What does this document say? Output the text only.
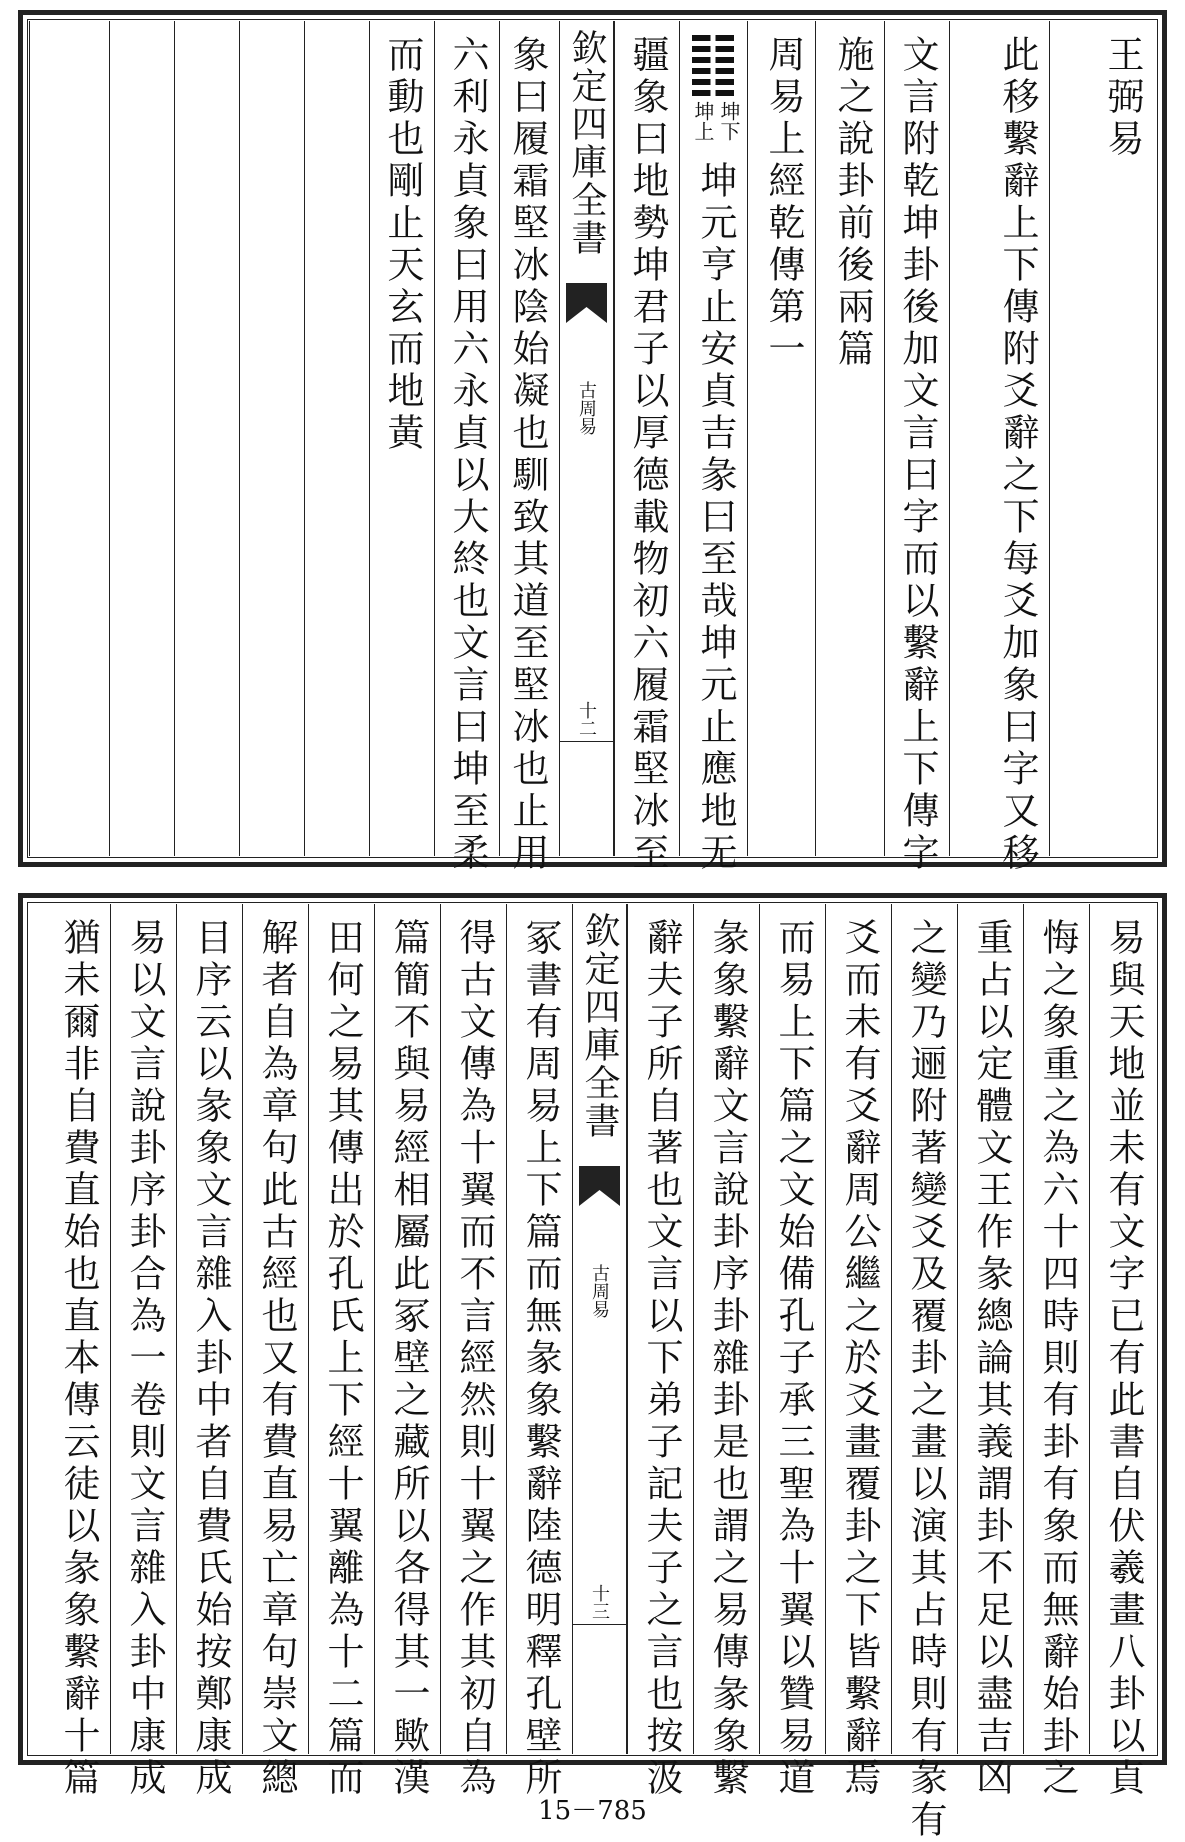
王弼易
此移繫辭上下傳附爻辭之下每爻加象曰字又移
文言附乾坤卦後加文言曰字而以繫辭上下傳字
施之說卦前後兩篇
周易上經乾傳第一
坤下
坤上
坤元亨止安貞吉彖曰至哉坤元止應地无
疆象曰地勢坤君子以厚德載物初六履霜堅冰至
欽定四庫全書
古周易
十二
象曰履霜堅冰陰始凝也馴致其道至堅冰也止用
六利永貞象曰用六永貞以大終也文言曰坤至柔
而動也剛止天玄而地黃
易與天地並未有文字已有此書自伏羲畫八卦以貞
悔之象重之為六十四時則有卦有象而無辭始卦之
重占以定體文王作彖總論其義謂卦不足以盡吉凶
之變乃逦附著變爻及覆卦之畫以演其占時則有彖有
爻而未有爻辭周公繼之於爻畫覆卦之下皆繫辭焉
而易上下篇之文始備孔子承三聖為十翼以贊易道
彖象繫辭文言說卦序卦雜卦是也謂之易傳彖象繫
辭夫子所自著也文言以下弟子記夫子之言也按汲
欽定四庫全書
古周易
十三
冢書有周易上下篇而無彖象繫辭陸德明釋孔壁所
得古文傳為十翼而不言經然則十翼之作其初自為
篇簡不與易經相屬此冢壁之藏所以各得其一歟漢
田何之易其傳出於孔氏上下經十翼離為十二篇而
解者自為章句此古經也又有費直易亡章句崇文總
目序云以彖象文言雜入卦中者自費氏始按鄭康成
易以文言說卦序卦合為一卷則文言雜入卦中康成
猶未爾非自費直始也直本傳云徒以彖象繫辭十篇
15－785
